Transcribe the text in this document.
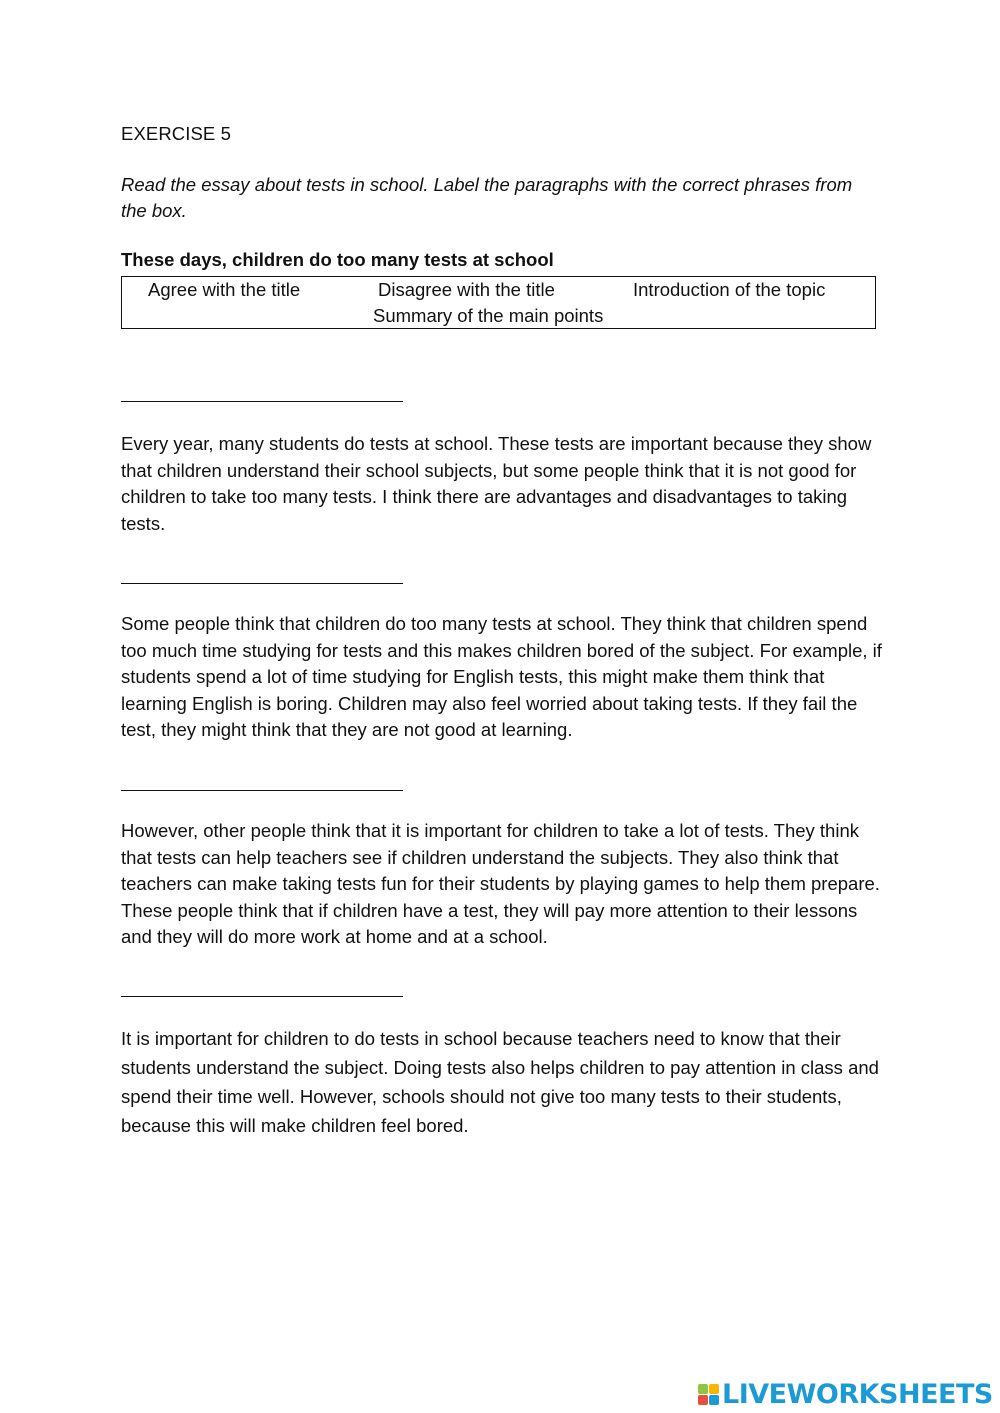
EXERCISE 5
Read the essay about tests in school. Label the paragraphs with the correct phrases from the box.
These days, children do too many tests at school
Agree with the title	Disagree with the title	Introduction of the topic
Summary of the main points

Every year, many students do tests at school. These tests are important because they show that children understand their school subjects, but some people think that it is not good for children to take too many tests. I think there are advantages and disadvantages to taking tests.

Some people think that children do too many tests at school. They think that children spend too much time studying for tests and this makes children bored of the subject. For example, if students spend a lot of time studying for English tests, this might make them think that learning English is boring. Children may also feel worried about taking tests. If they fail the test, they might think that they are not good at learning.

However, other people think that it is important for children to take a lot of tests. They think that tests can help teachers see if children understand the subjects. They also think that teachers can make taking tests fun for their students by playing games to help them prepare. These people think that if children have a test, they will pay more attention to their lessons and they will do more work at home and at a school.

It is important for children to do tests in school because teachers need to know that their students understand the subject. Doing tests also helps children to pay attention in class and spend their time well. However, schools should not give too many tests to their students, because this will make children feel bored.

LIVEWORKSHEETS
